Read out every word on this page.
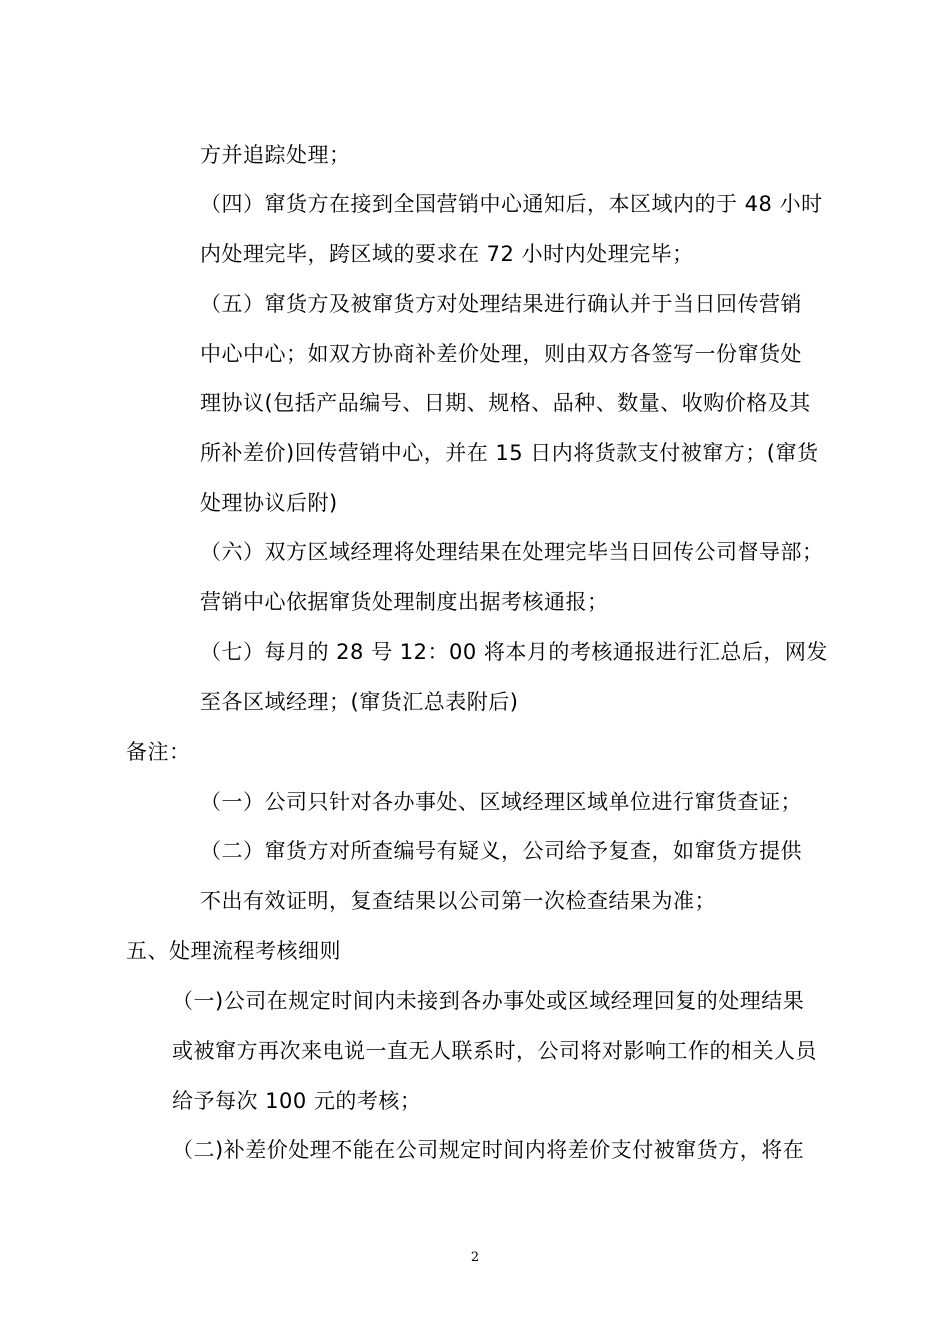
方并追踪处理；
（四）窜货方在接到全国营销中心通知后，本区域内的于 48 小时
内处理完毕，跨区域的要求在 72 小时内处理完毕；
（五）窜货方及被窜货方对处理结果进行确认并于当日回传营销
中心中心；如双方协商补差价处理，则由双方各签写一份窜货处
理协议(包括产品编号、日期、规格、品种、数量、收购价格及其
所补差价)回传营销中心，并在 15 日内将货款支付被窜方；(窜货
处理协议后附)
（六）双方区域经理将处理结果在处理完毕当日回传公司督导部；
营销中心依据窜货处理制度出据考核通报；
（七）每月的 28 号 12：00 将本月的考核通报进行汇总后，网发
至各区域经理；(窜货汇总表附后)
备注：
（一）公司只针对各办事处、区域经理区域单位进行窜货查证；
（二）窜货方对所查编号有疑义，公司给予复查，如窜货方提供
不出有效证明，复查结果以公司第一次检查结果为准；
五、处理流程考核细则
（一)公司在规定时间内未接到各办事处或区域经理回复的处理结果
或被窜方再次来电说一直无人联系时，公司将对影响工作的相关人员
给予每次 100 元的考核；
（二)补差价处理不能在公司规定时间内将差价支付被窜货方，将在
2
